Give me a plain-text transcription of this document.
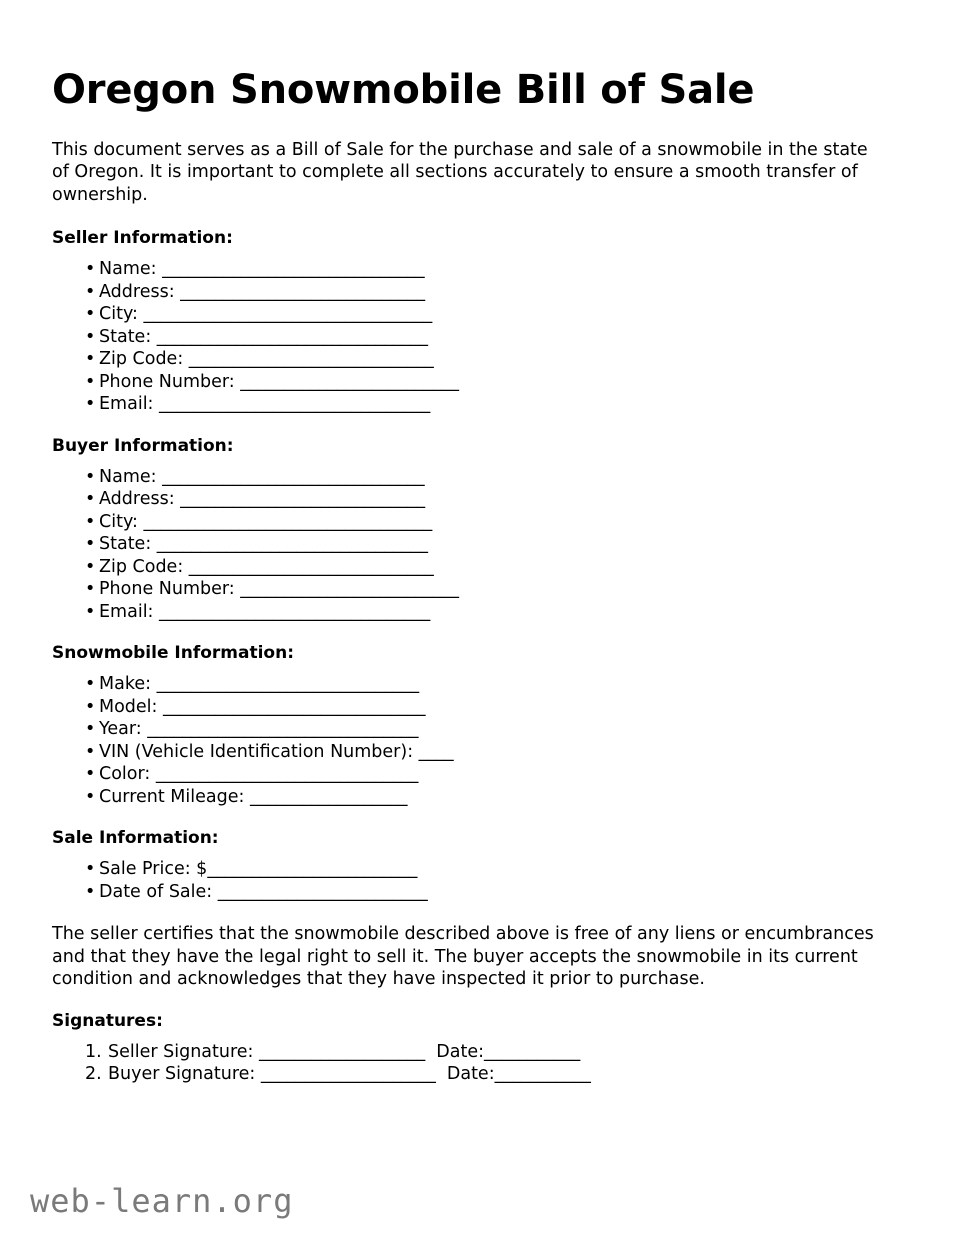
Oregon Snowmobile Bill of Sale

This document serves as a Bill of Sale for the purchase and sale of a snowmobile in the state of Oregon. It is important to complete all sections accurately to ensure a smooth transfer of ownership.

Seller Information:
• Name: ______________________________
• Address: ____________________________
• City: _________________________________
• State: _______________________________
• Zip Code: ____________________________
• Phone Number: _________________________
• Email: _______________________________
Buyer Information:
• Name: ______________________________
• Address: ____________________________
• City: _________________________________
• State: _______________________________
• Zip Code: ____________________________
• Phone Number: _________________________
• Email: _______________________________
Snowmobile Information:
• Make: ______________________________
• Model: ______________________________
• Year: _______________________________
• VIN (Vehicle Identification Number): ____
• Color: ______________________________
• Current Mileage: __________________
Sale Information:
• Sale Price: $________________________
• Date of Sale: ________________________

The seller certifies that the snowmobile described above is free of any liens or encumbrances and that they have the legal right to sell it. The buyer accepts the snowmobile in its current condition and acknowledges that they have inspected it prior to purchase.

Signatures:
Seller Signature: ___________________ Date:___________
Buyer Signature: ____________________ Date:___________
web-learn.org
